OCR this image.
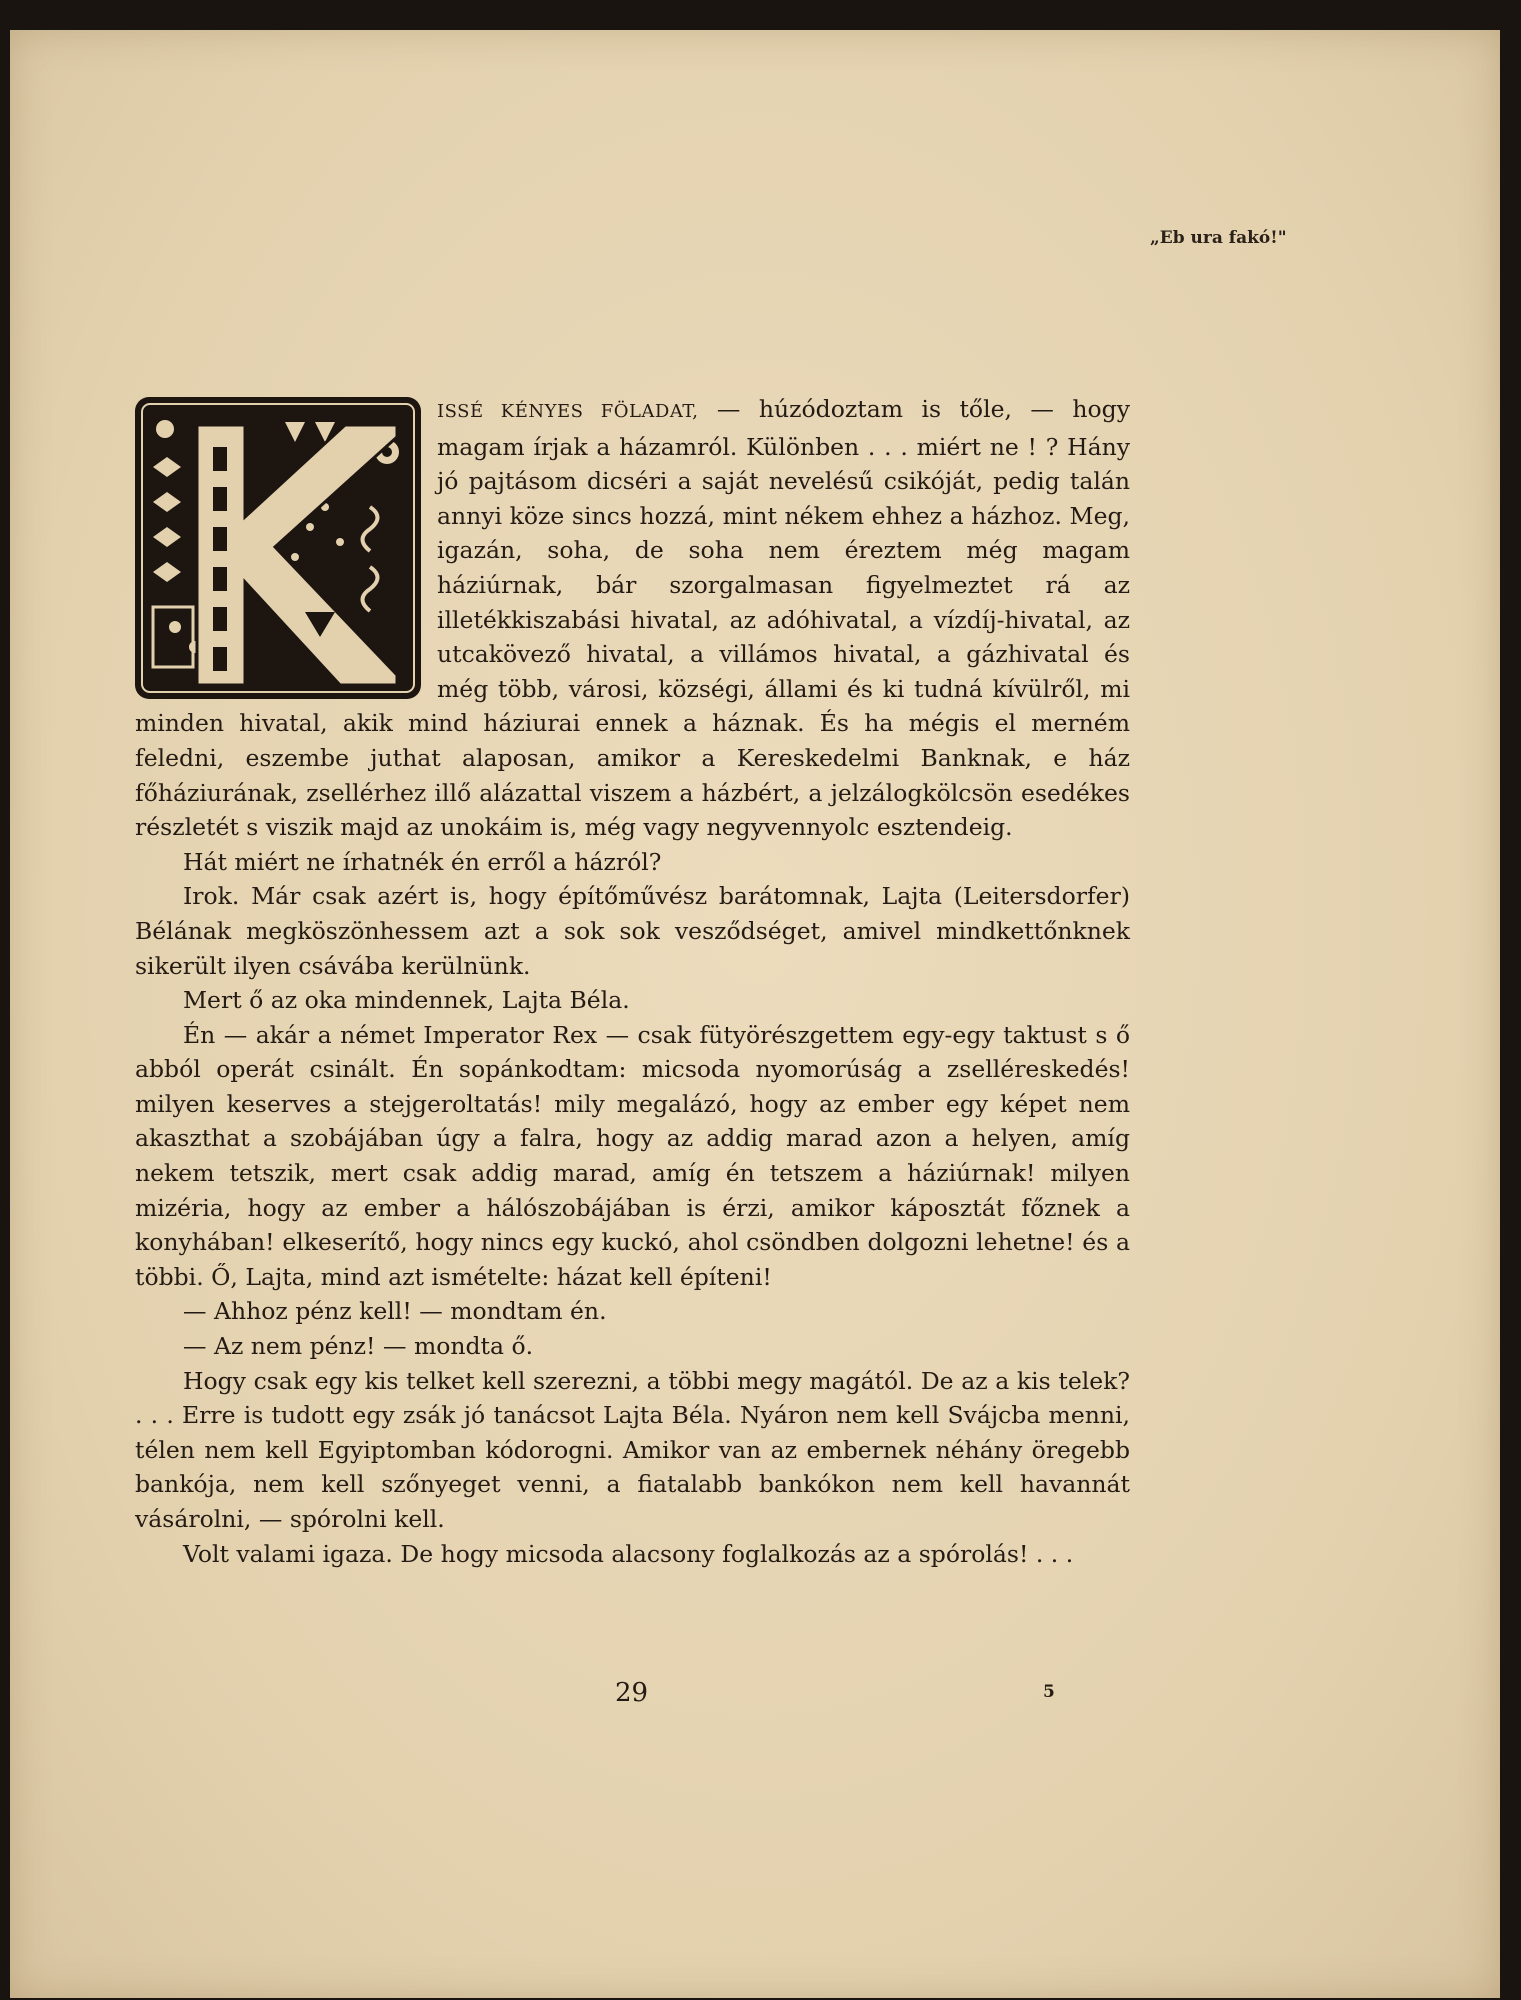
„Eb ura fakó!"

ISSÉ KÉNYES FÖLADAT, — húzódoztam is tőle, — hogy magam írjak a házamról. Különben . . . miért ne ! ? Hány jó pajtásom dicséri a saját nevelésű csikóját, pedig talán annyi köze sincs hozzá, mint nékem ehhez a házhoz. Meg, igazán, soha, de soha nem éreztem még magam háziúrnak, bár szorgalmasan figyelmeztet rá az illetékkiszabási hivatal, az adóhivatal, a vízdíj-hivatal, az utcakövező hivatal, a villámos hivatal, a gázhivatal és még több, városi, községi, állami és ki tudná kívülről, mi minden hivatal, akik mind háziurai ennek a háznak. És ha mégis el merném feledni, eszembe juthat alaposan, amikor a Kereskedelmi Banknak, e ház főháziurának, zsellérhez illő alázattal viszem a házbért, a jelzálogkölcsön esedékes részletét s viszik majd az unokáim is, még vagy negyvennyolc esztendeig.

Hát miért ne írhatnék én erről a házról?

Irok. Már csak azért is, hogy építőművész barátomnak, Lajta (Leitersdorfer) Bélának megköszönhessem azt a sok sok vesződséget, amivel mindkettőnknek sikerült ilyen csávába kerülnünk.

Mert ő az oka mindennek, Lajta Béla.

Én — akár a német Imperator Rex — csak fütyörészgettem egy-egy taktust s ő abból operát csinált. Én sopánkodtam: micsoda nyomorúság a zselléreskedés! milyen keserves a stejgeroltatás! mily megalázó, hogy az ember egy képet nem akaszthat a szobájában úgy a falra, hogy az addig marad azon a helyen, amíg nekem tetszik, mert csak addig marad, amíg én tetszem a háziúrnak! milyen mizéria, hogy az ember a hálószobájában is érzi, amikor káposztát főznek a konyhában! elkeserítő, hogy nincs egy kuckó, ahol csöndben dolgozni lehetne! és a többi. Ő, Lajta, mind azt ismételte: házat kell építeni!

— Ahhoz pénz kell! — mondtam én.

— Az nem pénz! — mondta ő.

Hogy csak egy kis telket kell szerezni, a többi megy magától. De az a kis telek? . . . Erre is tudott egy zsák jó tanácsot Lajta Béla. Nyáron nem kell Svájcba menni, télen nem kell Egyiptomban kódorogni. Amikor van az embernek néhány öregebb bankója, nem kell szőnyeget venni, a fiatalabb bankókon nem kell havannát vásárolni, — spórolni kell.

Volt valami igaza. De hogy micsoda alacsony foglalkozás az a spórolás! . . .

29	5
